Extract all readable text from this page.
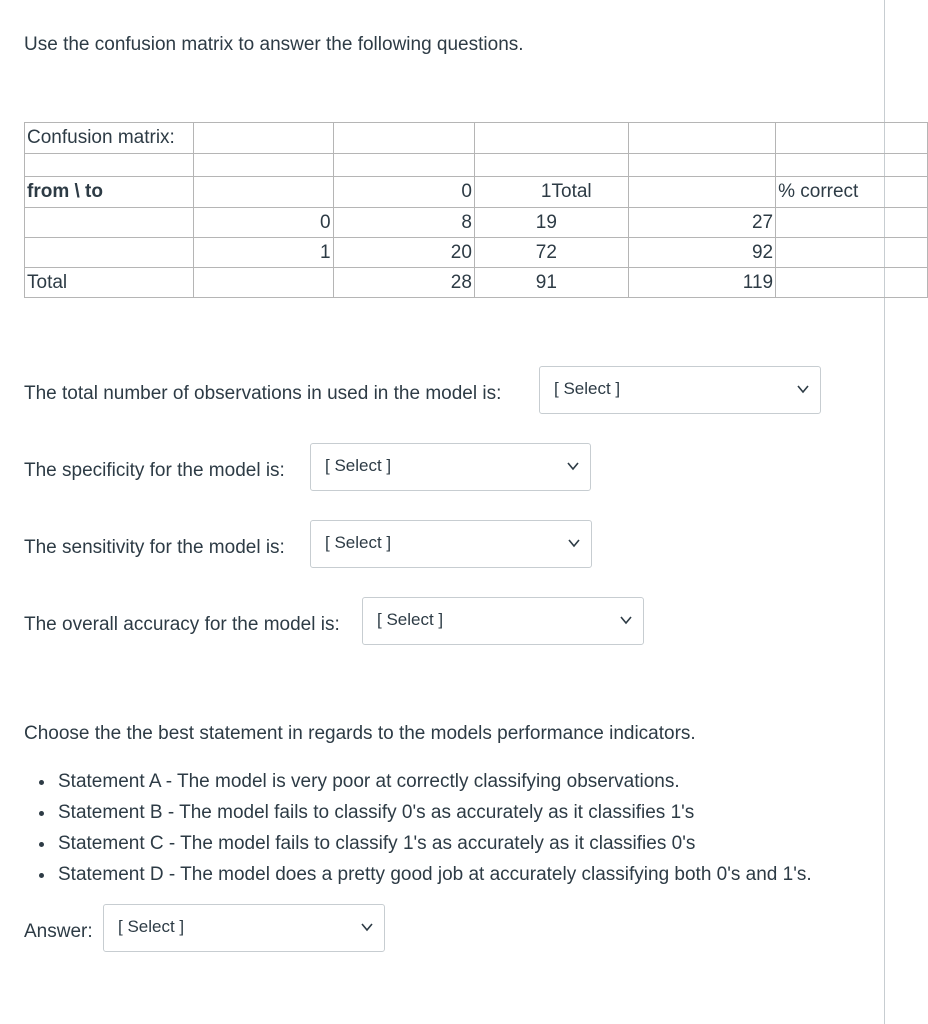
Use the confusion matrix to answer the following questions.
Confusion matrix:					

from \ to		0	1 Total		% correct
	0	8	19	27	
	1	20	72	92	
Total		28	91	119	
The total number of observations in used in the model is:	[ Select ]
The specificity for the model is: [ Select ]
The sensitivity for the model is: [ Select ]
The overall accuracy for the model is: [ Select ]
Choose the the best statement in regards to the models performance indicators.
• Statement A - The model is very poor at correctly classifying observations.
• Statement B - The model fails to classify 0's as accurately as it classifies 1's
• Statement C - The model fails to classify 1's as accurately as it classifies 0's
• Statement D - The model does a pretty good job at accurately classifying both 0's and 1's.
Answer: [ Select ]
